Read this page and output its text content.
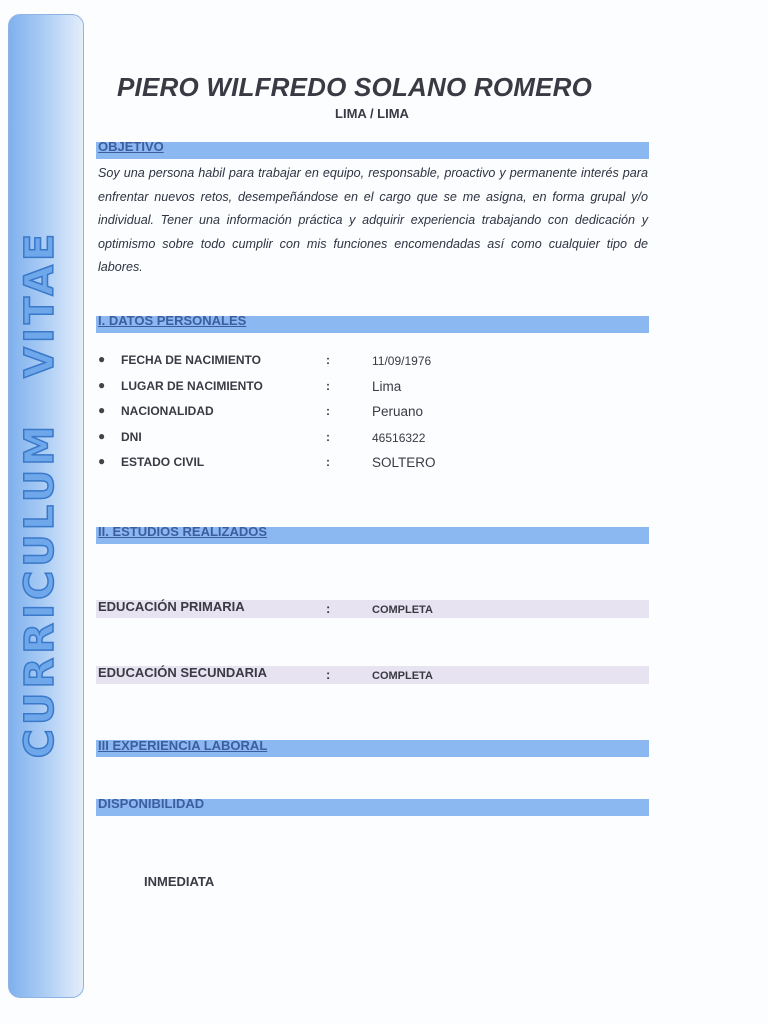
CURRICULUM VITAE
PIERO WILFREDO SOLANO ROMERO
LIMA / LIMA
OBJETIVO
Soy una persona habil para trabajar en equipo, responsable, proactivo y permanente interés para enfrentar nuevos retos, desempeñándose en el cargo que se me asigna, en forma grupal y/o individual. Tener una información práctica y adquirir experiencia trabajando con dedicación y optimismo sobre todo cumplir con mis funciones encomendadas así como cualquier tipo de labores.
I. DATOS PERSONALES
● FECHA DE NACIMIENTO	:	11/09/1976
● LUGAR DE NACIMIENTO	:	Lima
● NACIONALIDAD	:	Peruano
● DNI	:	46516322
● ESTADO CIVIL	:	SOLTERO
II. ESTUDIOS REALIZADOS
EDUCACIÓN PRIMARIA	:	COMPLETA
EDUCACIÓN SECUNDARIA	:	COMPLETA
III EXPERIENCIA LABORAL
DISPONIBILIDAD
INMEDIATA
